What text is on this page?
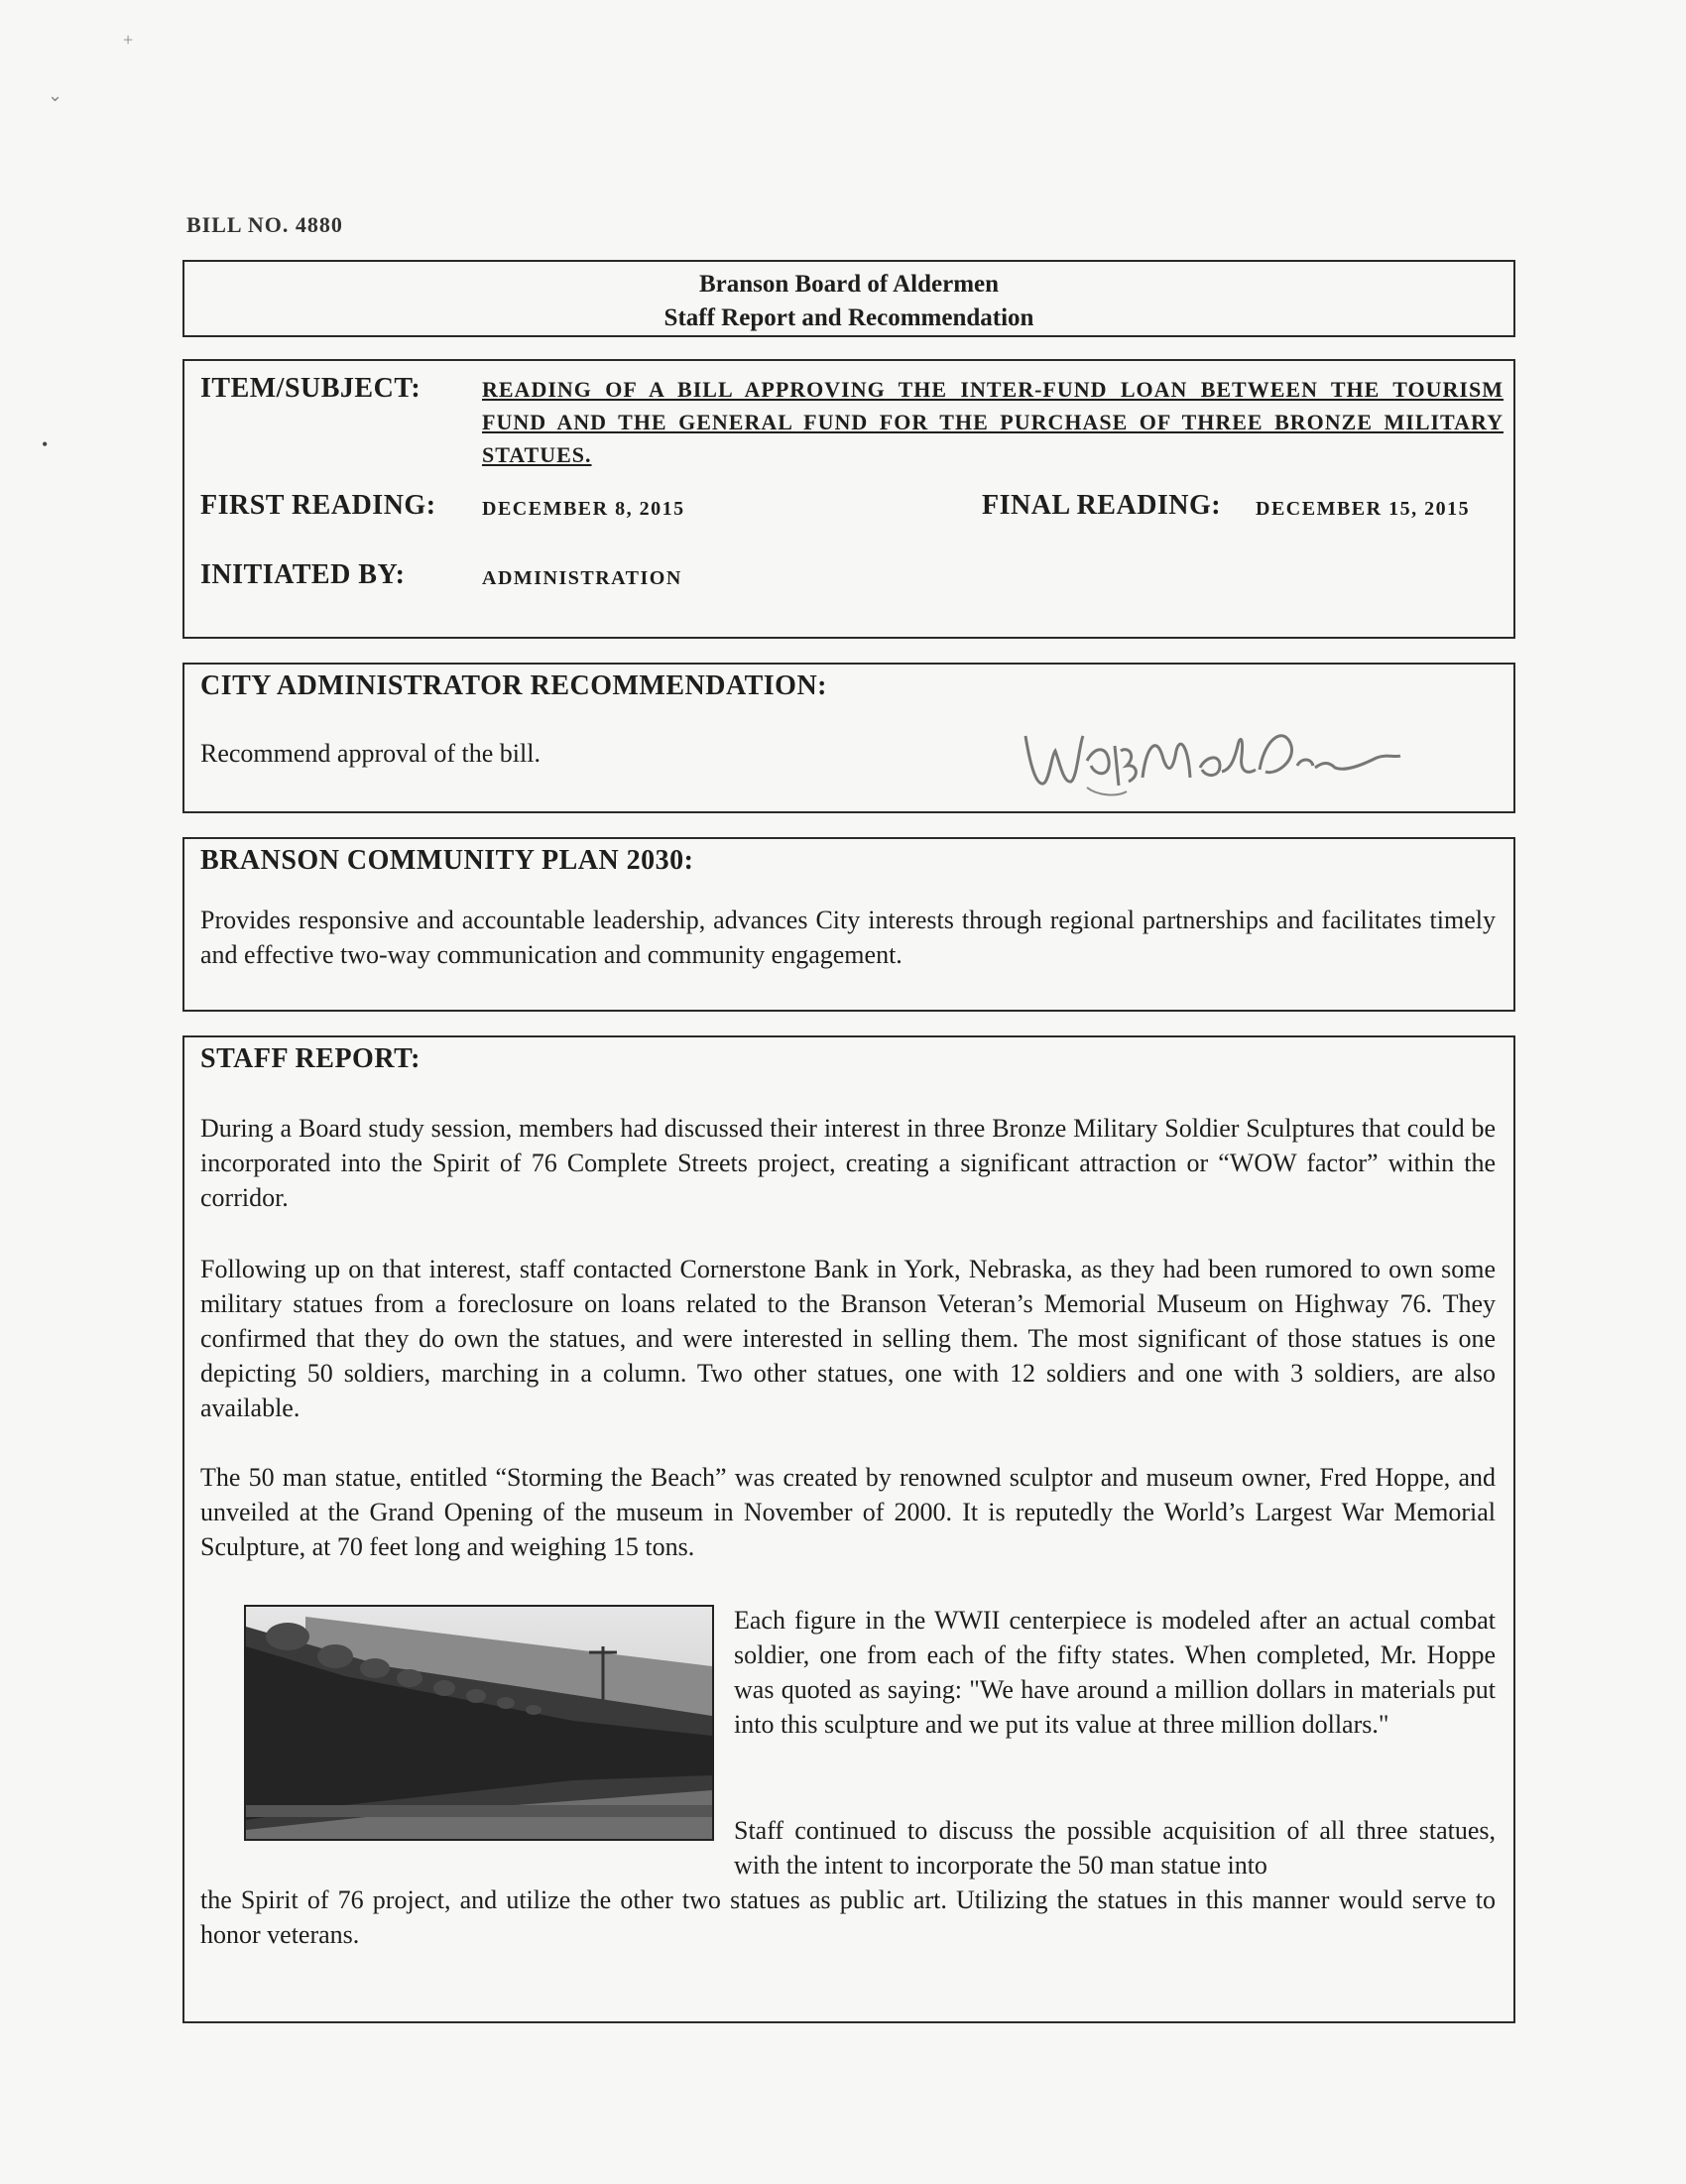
+
⌄
•
BILL NO. 4880
Branson Board of Aldermen
Staff Report and Recommendation
ITEM/SUBJECT:	READING OF A BILL APPROVING THE INTER-FUND LOAN BETWEEN THE TOURISM FUND AND THE GENERAL FUND FOR THE PURCHASE OF THREE BRONZE MILITARY STATUES.
FIRST READING: DECEMBER 8, 2015	FINAL READING: DECEMBER 15, 2015
INITIATED BY:	ADMINISTRATION
CITY ADMINISTRATOR RECOMMENDATION:
Recommend approval of the bill.
BRANSON COMMUNITY PLAN 2030:
Provides responsive and accountable leadership, advances City interests through regional partnerships and facilitates timely and effective two-way communication and community engagement.
STAFF REPORT:
During a Board study session, members had discussed their interest in three Bronze Military Soldier Sculptures that could be incorporated into the Spirit of 76 Complete Streets project, creating a significant attraction or “WOW factor” within the corridor.
Following up on that interest, staff contacted Cornerstone Bank in York, Nebraska, as they had been rumored to own some military statues from a foreclosure on loans related to the Branson Veteran’s Memorial Museum on Highway 76. They confirmed that they do own the statues, and were interested in selling them. The most significant of those statues is one depicting 50 soldiers, marching in a column. Two other statues, one with 12 soldiers and one with 3 soldiers, are also available.
The 50 man statue, entitled “Storming the Beach” was created by renowned sculptor and museum owner, Fred Hoppe, and unveiled at the Grand Opening of the museum in November of 2000. It is reputedly the World’s Largest War Memorial Sculpture, at 70 feet long and weighing 15 tons.
Each figure in the WWII centerpiece is modeled after an actual combat soldier, one from each of the fifty states. When completed, Mr. Hoppe was quoted as saying: "We have around a million dollars in materials put into this sculpture and we put its value at three million dollars."
Staff continued to discuss the possible acquisition of all three statues, with the intent to incorporate the 50 man statue into
the Spirit of 76 project, and utilize the other two statues as public art. Utilizing the statues in this manner would serve to honor veterans.
